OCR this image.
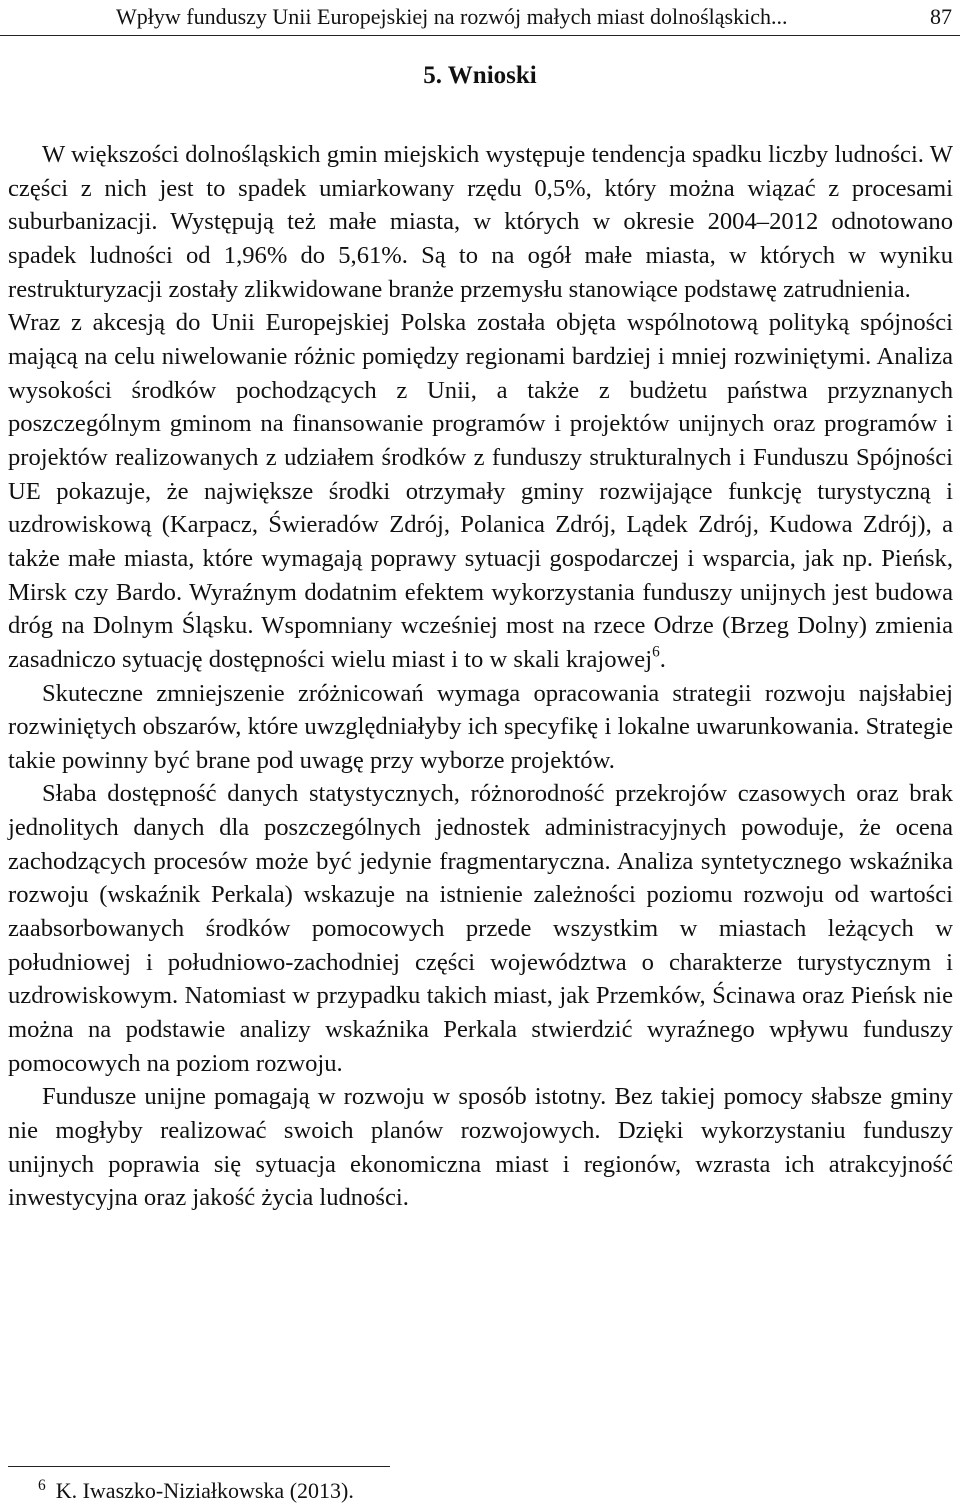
Wpływ funduszy Unii Europejskiej na rozwój małych miast dolnośląskich...	87
5. Wnioski

W większości dolnośląskich gmin miejskich występuje tendencja spadku liczby ludności. W części z nich jest to spadek umiarkowany rzędu 0,5%, który można wiązać z procesami suburbanizacji. Występują też małe miasta, w których w okresie 2004–2012 odnotowano spadek ludności od 1,96% do 5,61%. Są to na ogół małe miasta, w których w wyniku restrukturyzacji zostały zlikwidowane branże przemysłu stanowiące podstawę zatrudnienia.

Wraz z akcesją do Unii Europejskiej Polska została objęta wspólnotową polityką spójności mającą na celu niwelowanie różnic pomiędzy regionami bardziej i mniej rozwiniętymi. Analiza wysokości środków pochodzących z Unii, a także z budżetu państwa przyznanych poszczególnym gminom na finansowanie programów i projektów unijnych oraz programów i projektów realizowanych z udziałem środków z funduszy strukturalnych i Funduszu Spójności UE pokazuje, że największe środki otrzymały gminy rozwijające funkcję turystyczną i uzdrowiskową (Karpacz, Świeradów Zdrój, Polanica Zdrój, Lądek Zdrój, Kudowa Zdrój), a także małe miasta, które wymagają poprawy sytuacji gospodarczej i wsparcia, jak np. Pieńsk, Mirsk czy Bardo. Wyraźnym dodatnim efektem wykorzystania funduszy unijnych jest budowa dróg na Dolnym Śląsku. Wspomniany wcześniej most na rzece Odrze (Brzeg Dolny) zmienia zasadniczo sytuację dostępności wielu miast i to w skali krajowej$^6$.

Skuteczne zmniejszenie zróżnicowań wymaga opracowania strategii rozwoju najsłabiej rozwiniętych obszarów, które uwzględniałyby ich specyfikę i lokalne uwarunkowania. Strategie takie powinny być brane pod uwagę przy wyborze projektów.

Słaba dostępność danych statystycznych, różnorodność przekrojów czasowych oraz brak jednolitych danych dla poszczególnych jednostek administracyjnych powoduje, że ocena zachodzących procesów może być jedynie fragmentaryczna. Analiza syntetycznego wskaźnika rozwoju (wskaźnik Perkala) wskazuje na istnienie zależności poziomu rozwoju od wartości zaabsorbowanych środków pomocowych przede wszystkim w miastach leżących w południowej i południowo-zachodniej części województwa o charakterze turystycznym i uzdrowiskowym. Natomiast w przypadku takich miast, jak Przemków, Ścinawa oraz Pieńsk nie można na podstawie analizy wskaźnika Perkala stwierdzić wyraźnego wpływu funduszy pomocowych na poziom rozwoju.

Fundusze unijne pomagają w rozwoju w sposób istotny. Bez takiej pomocy słabsze gminy nie mogłyby realizować swoich planów rozwojowych. Dzięki wykorzystaniu funduszy unijnych poprawia się sytuacja ekonomiczna miast i regionów, wzrasta ich atrakcyjność inwestycyjna oraz jakość życia ludności.

$^6$ K. Iwaszko-Niziałkowska (2013).
